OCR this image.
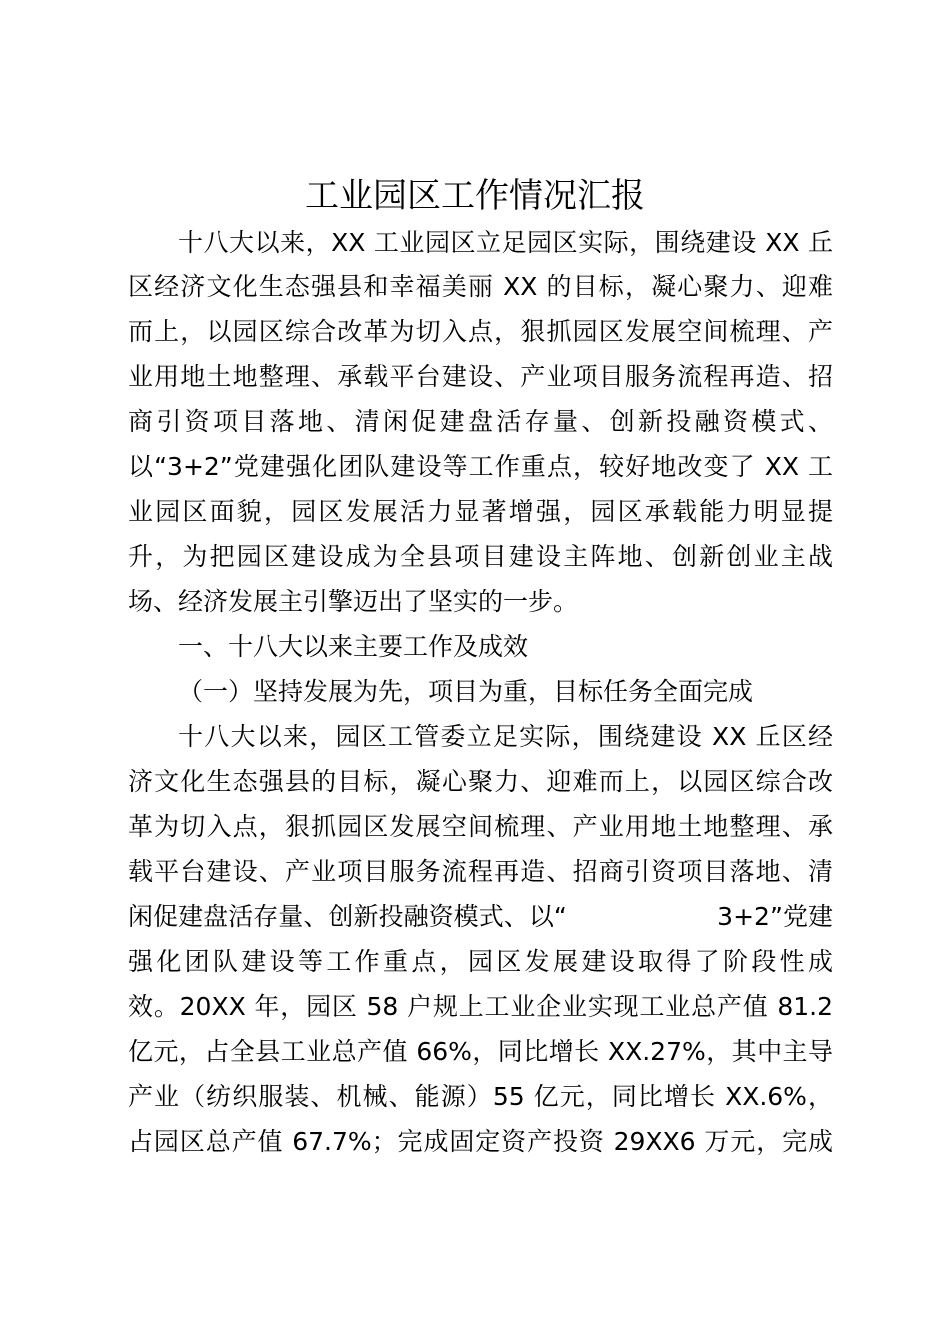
工业园区工作情况汇报
十八大以来，XX 工业园区立足园区实际，围绕建设 XX 丘
区经济文化生态强县和幸福美丽 XX 的目标，凝心聚力、迎难
而上，以园区综合改革为切入点，狠抓园区发展空间梳理、产
业用地土地整理、承载平台建设、产业项目服务流程再造、招
商引资项目落地、清闲促建盘活存量、创新投融资模式、
以“3+2”党建强化团队建设等工作重点，较好地改变了 XX 工
业园区面貌，园区发展活力显著增强，园区承载能力明显提
升，为把园区建设成为全县项目建设主阵地、创新创业主战
场、经济发展主引擎迈出了坚实的一步。
一、十八大以来主要工作及成效
（一）坚持发展为先，项目为重，目标任务全面完成
十八大以来，园区工管委立足实际，围绕建设 XX 丘区经
济文化生态强县的目标，凝心聚力、迎难而上，以园区综合改
革为切入点，狠抓园区发展空间梳理、产业用地土地整理、承
载平台建设、产业项目服务流程再造、招商引资项目落地、清
闲促建盘活存量、创新投融资模式、以“　　　　　　3+2”党建
强化团队建设等工作重点，园区发展建设取得了阶段性成
效。20XX 年，园区 58 户规上工业企业实现工业总产值 81.2
亿元，占全县工业总产值 66%，同比增长 XX.27%，其中主导
产业（纺织服装、机械、能源）55 亿元，同比增长 XX.6%，
占园区总产值 67.7%；完成固定资产投资 29XX6 万元，完成
